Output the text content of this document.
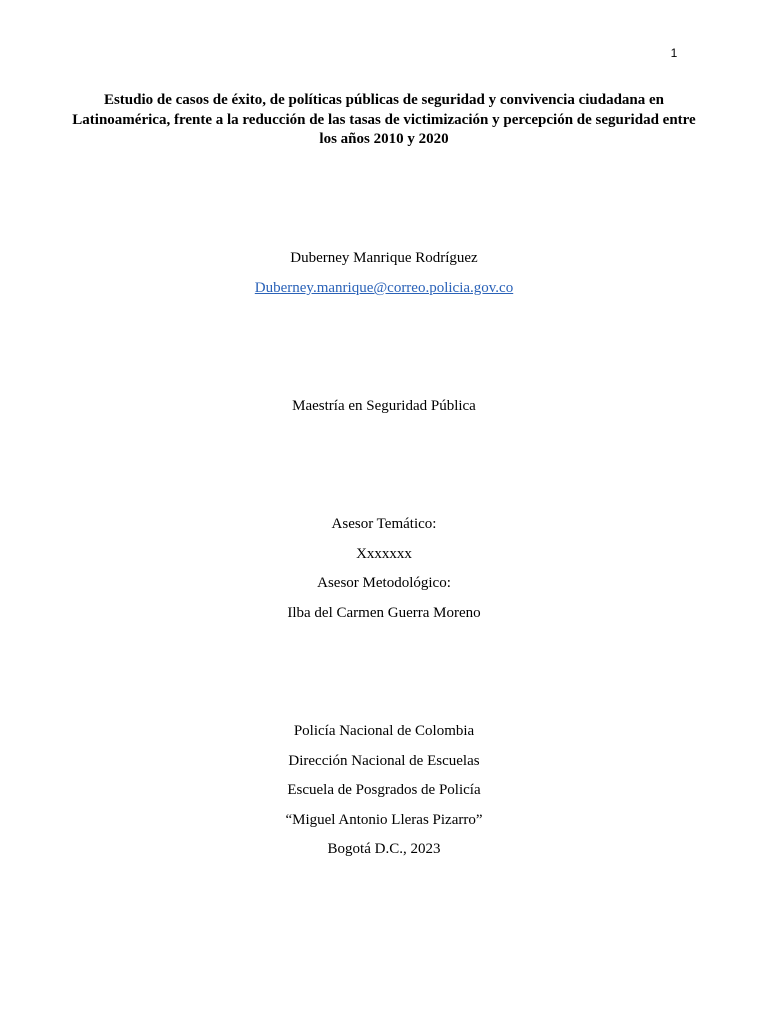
1
Estudio de casos de éxito, de políticas públicas de seguridad y convivencia ciudadana en Latinoamérica, frente a la reducción de las tasas de victimización y percepción de seguridad entre los años 2010 y 2020
Duberney Manrique Rodríguez
Duberney.manrique@correo.policia.gov.co
Maestría en Seguridad Pública
Asesor Temático:
Xxxxxxx
Asesor Metodológico:
Ilba del Carmen Guerra Moreno
Policía Nacional de Colombia
Dirección Nacional de Escuelas
Escuela de Posgrados de Policía
“Miguel Antonio Lleras Pizarro”
Bogotá D.C., 2023
